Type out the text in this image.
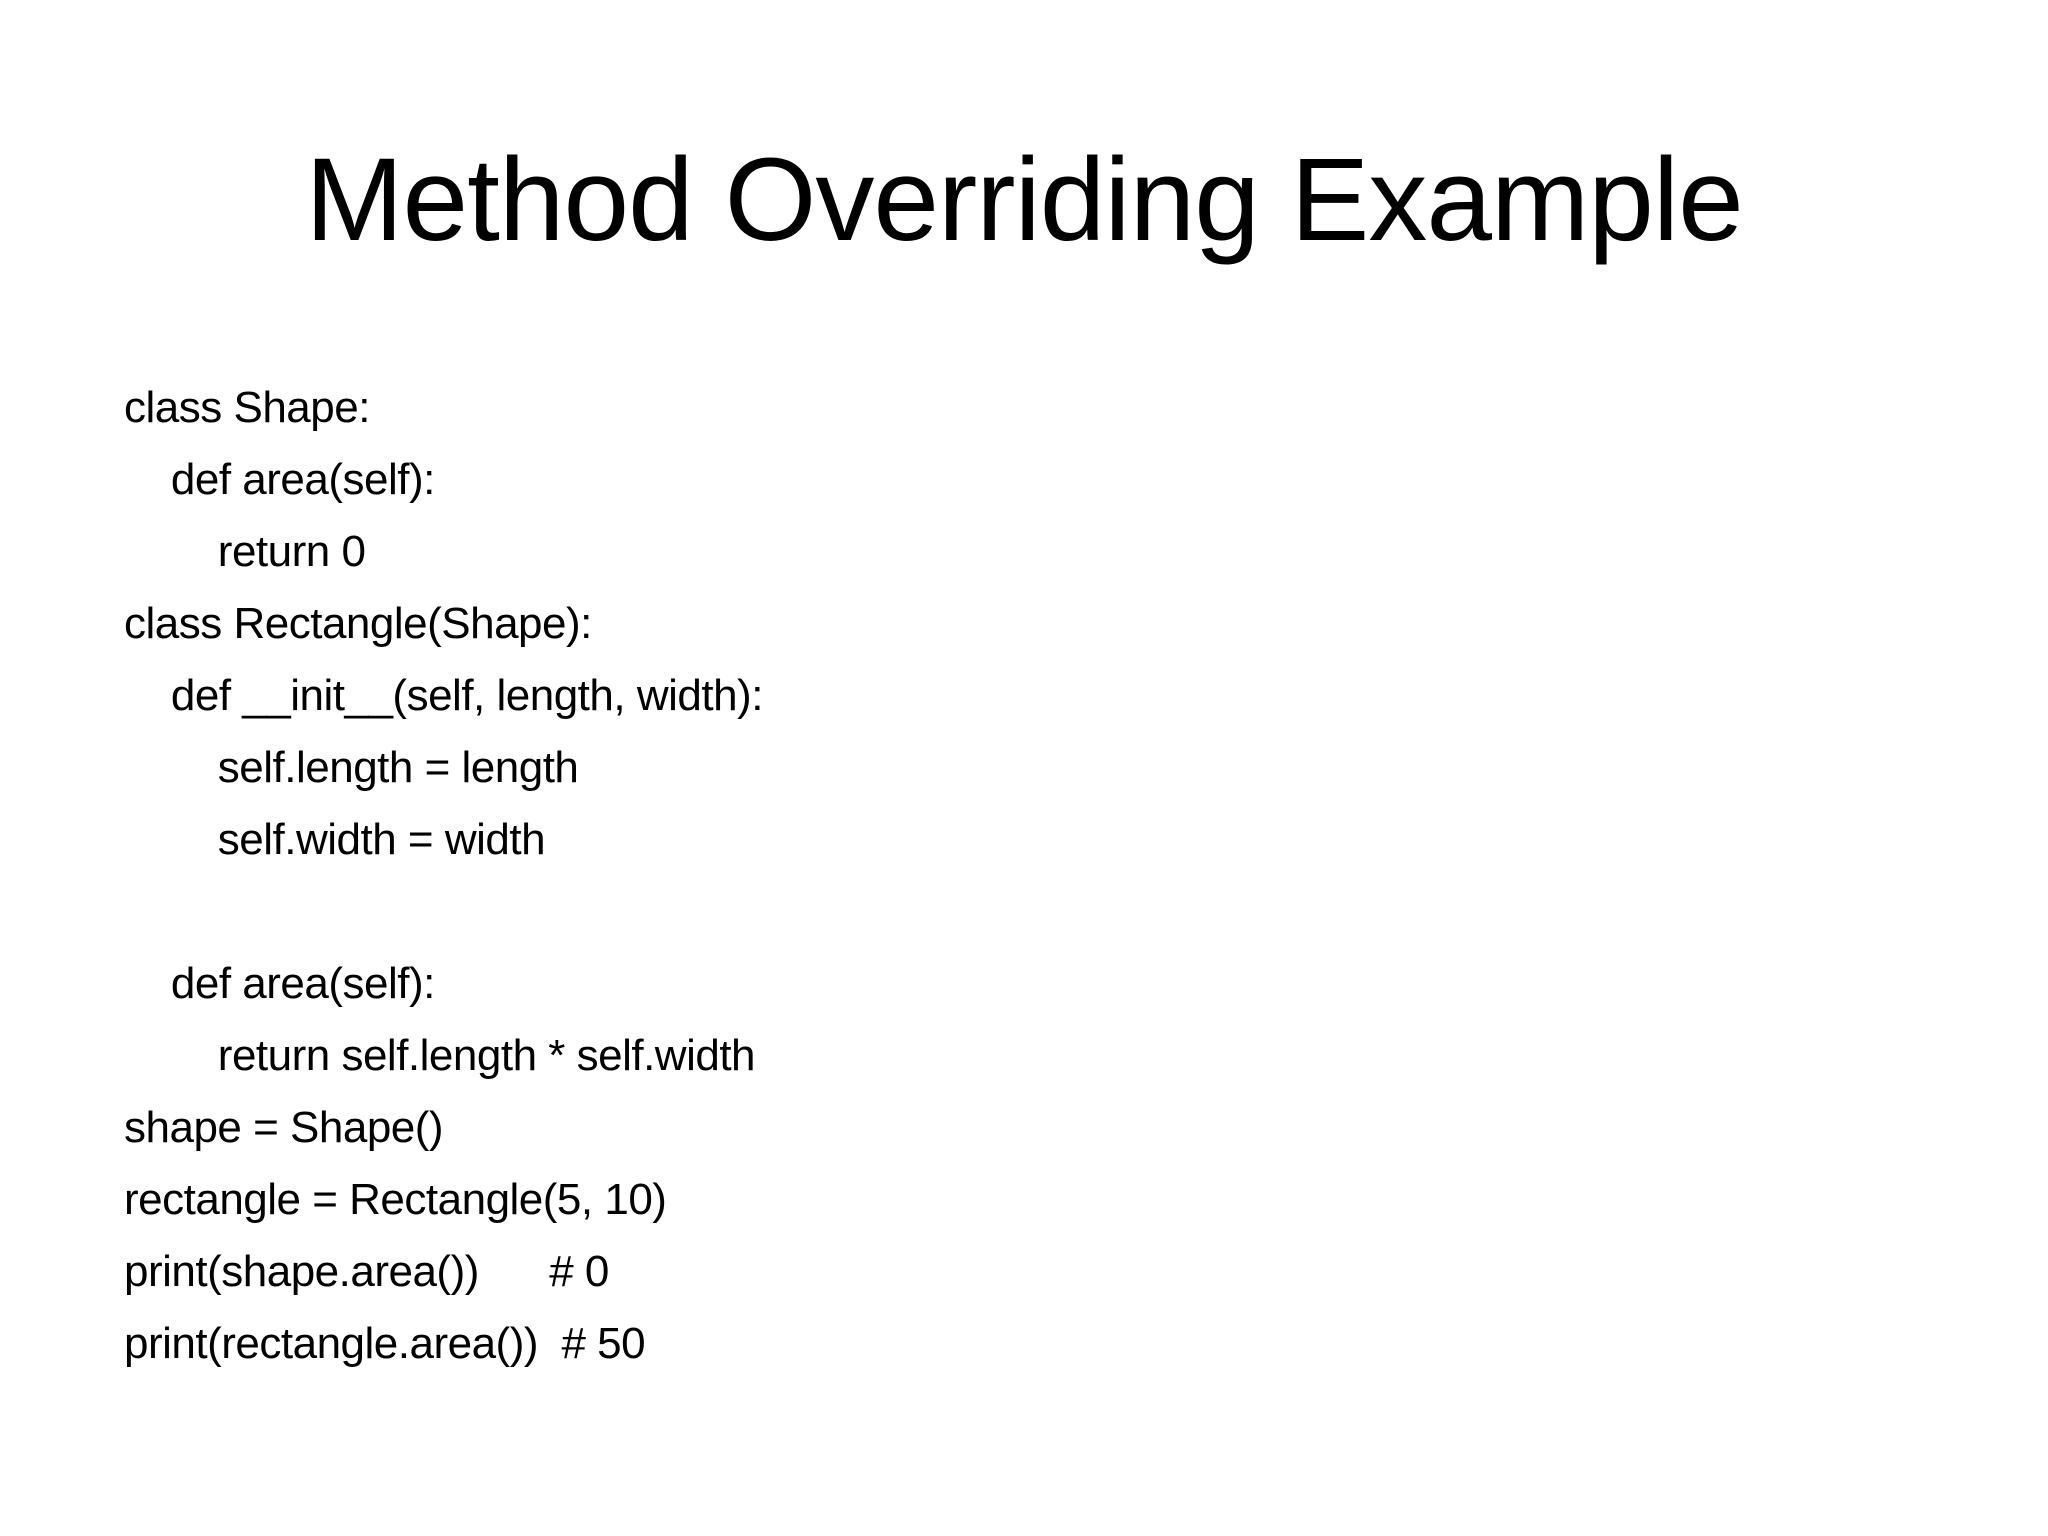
Method Overriding Example
class Shape:
def area(self):
return 0
class Rectangle(Shape):
def __init__(self, length, width):
self.length = length
self.width = width
def area(self):
return self.length * self.width
shape = Shape()
rectangle = Rectangle(5, 10)
print(shape.area())      # 0
print(rectangle.area())  # 50
